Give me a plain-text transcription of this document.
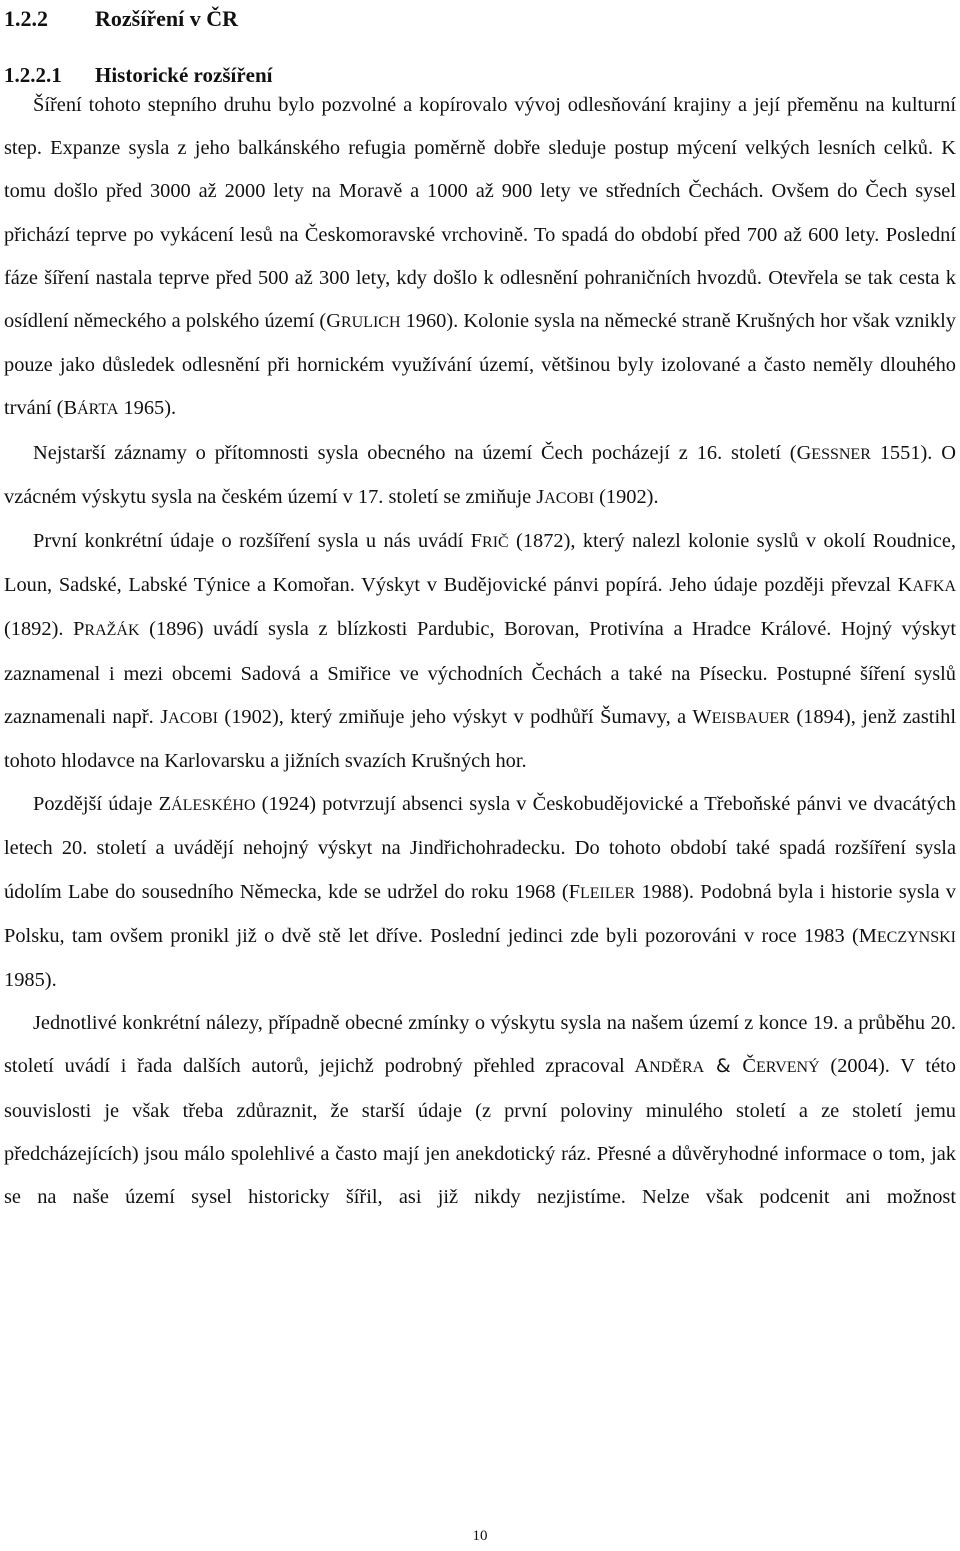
1.2.2 Rozšíření v ČR
1.2.2.1 Historické rozšíření

Šíření tohoto stepního druhu bylo pozvolné a kopírovalo vývoj odlesňování krajiny a její přeměnu na kulturní step. Expanze sysla z jeho balkánského refugia poměrně dobře sleduje postup mýcení velkých lesních celků. K tomu došlo před 3000 až 2000 lety na Moravě a 1000 až 900 lety ve středních Čechách. Ovšem do Čech sysel přichází teprve po vykácení lesů na Českomoravské vrchovině. To spadá do období před 700 až 600 lety. Poslední fáze šíření nastala teprve před 500 až 300 lety, kdy došlo k odlesnění pohraničních hvozdů. Otevřela se tak cesta k osídlení německého a polského území (GRULICH 1960). Kolonie sysla na německé straně Krušných hor však vznikly pouze jako důsledek odlesnění při hornickém využívání území, většinou byly izolované a často neměly dlouhého trvání (BÁRTA 1965).

Nejstarší záznamy o přítomnosti sysla obecného na území Čech pocházejí z 16. století (GESSNER 1551). O vzácném výskytu sysla na českém území v 17. století se zmiňuje JACOBI (1902).

První konkrétní údaje o rozšíření sysla u nás uvádí FRIČ (1872), který nalezl kolonie syslů v okolí Roudnice, Loun, Sadské, Labské Týnice a Komořan. Výskyt v Budějovické pánvi popírá. Jeho údaje později převzal KAFKA (1892). PRAŽÁK (1896) uvádí sysla z blízkosti Pardubic, Borovan, Protivína a Hradce Králové. Hojný výskyt zaznamenal i mezi obcemi Sadová a Smiřice ve východních Čechách a také na Písecku. Postupné šíření syslů zaznamenali např. JACOBI (1902), který zmiňuje jeho výskyt v podhůří Šumavy, a WEISBAUER (1894), jenž zastihl tohoto hlodavce na Karlovarsku a jižních svazích Krušných hor.

Pozdější údaje ZÁLESKÉHO (1924) potvrzují absenci sysla v Českobudějovické a Třeboňské pánvi ve dvacátých letech 20. století a uvádějí nehojný výskyt na Jindřichohradecku. Do tohoto období také spadá rozšíření sysla údolím Labe do sousedního Německa, kde se udržel do roku 1968 (FLEILER 1988). Podobná byla i historie sysla v Polsku, tam ovšem pronikl již o dvě stě let dříve. Poslední jedinci zde byli pozorováni v roce 1983 (MECZYNSKI 1985).

Jednotlivé konkrétní nálezy, případně obecné zmínky o výskytu sysla na našem území z konce 19. a průběhu 20. století uvádí i řada dalších autorů, jejichž podrobný přehled zpracoval ANDĚRA & ČERVENÝ (2004). V této souvislosti je však třeba zdůraznit, že starší údaje (z první poloviny minulého století a ze století jemu předcházejících) jsou málo spolehlivé a často mají jen anekdotický ráz. Přesné a důvěryhodné informace o tom, jak se na naše území sysel historicky šířil, asi již nikdy nezjistíme. Nelze však podcenit ani možnost

10
